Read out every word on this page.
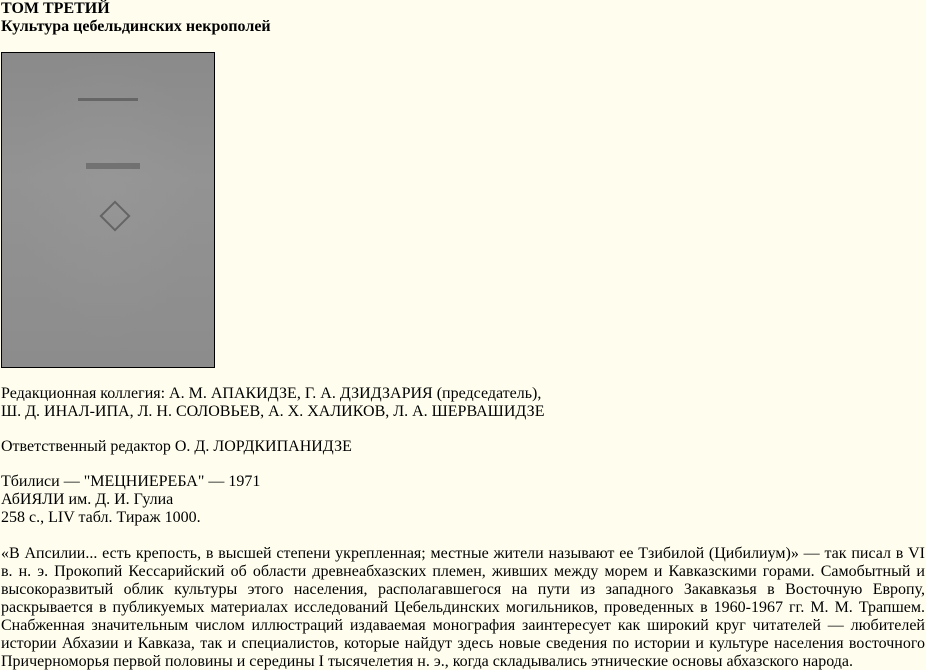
ТОМ ТРЕТИЙ
Культура цебельдинских некрополей

Редакционная коллегия: А. М. АПАКИДЗЕ, Г. А. ДЗИДЗАРИЯ (председатель),

Ш. Д. ИНАЛ-ИПА, Л. Н. СОЛОВЬЕВ, А. Х. ХАЛИКОВ, Л. А. ШЕРВАШИДЗЕ

Ответственный редактор О. Д. ЛОРДКИПАНИДЗЕ

Тбилиси — "МЕЦНИЕРЕБА" — 1971

АбИЯЛИ им. Д. И. Гулиа

258 с., LIV табл. Тираж 1000.

«В Апсилии... есть крепость, в высшей степени укрепленная; местные жители называют ее Тзибилой (Цибилиум)» — так писал в VI в. н. э. Прокопий Кессарийский об области древнеабхазских племен, живших между морем и Кавказскими горами. Самобытный и высокоразвитый облик культуры этого населения, располагавшегося на пути из западного Закавказья в Восточную Европу, раскрывается в публикуемых материалах исследований Цебельдинских могильников, проведенных в 1960-1967 гг. М. М. Трапшем. Снабженная значительным числом иллюстраций издаваемая монография заинтересует как широкий круг читателей — любителей истории Абхазии и Кавказа, так и специалистов, которые найдут здесь новые сведения по истории и культуре населения восточного Причерноморья первой половины и середины I тысячелетия н. э., когда складывались этнические основы абхазского народа.
